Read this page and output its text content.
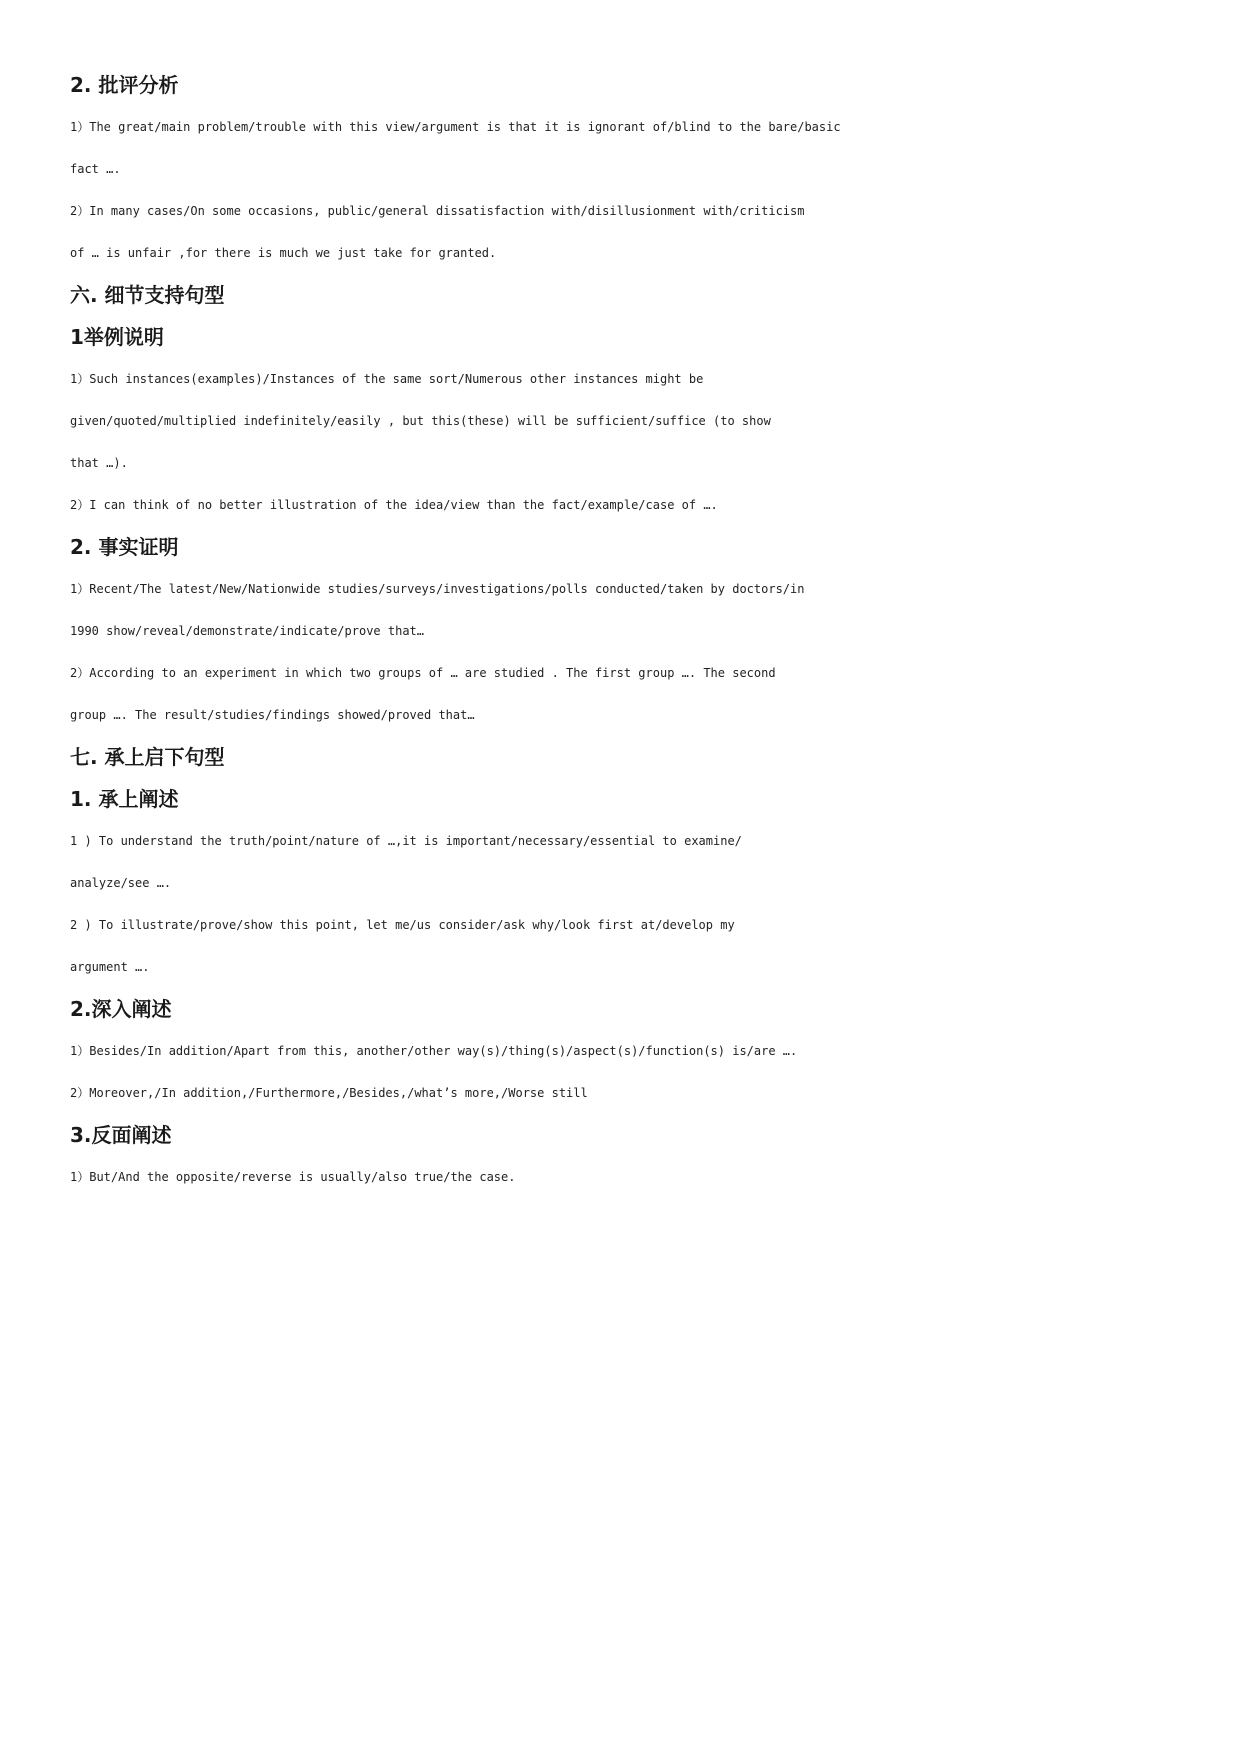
2. 批评分析
1）The great/main problem/trouble with this view/argument is that it is ignorant of/blind to the bare/basic
fact ….
2）In many cases/On some occasions, public/general dissatisfaction with/disillusionment with/criticism
of … is unfair ,for there is much we just take for granted.
六. 细节支持句型
1举例说明
1）Such instances(examples)/Instances of the same sort/Numerous other instances might be
given/quoted/multiplied indefinitely/easily , but this(these) will be sufficient/suffice (to show
that …).
2）I can think of no better illustration of the idea/view than the fact/example/case of ….
2. 事实证明
1）Recent/The latest/New/Nationwide studies/surveys/investigations/polls conducted/taken by doctors/in
1990 show/reveal/demonstrate/indicate/prove that…
2）According to an experiment in which two groups of … are studied . The first group …. The second
group …. The result/studies/findings showed/proved that…
七. 承上启下句型
1. 承上阐述
1 ) To understand the truth/point/nature of …,it is important/necessary/essential to examine/
analyze/see ….
2 ) To illustrate/prove/show this point, let me/us consider/ask why/look first at/develop my
argument ….
2.深入阐述
1）Besides/In addition/Apart from this, another/other way(s)/thing(s)/aspect(s)/function(s) is/are ….
2）Moreover,/In addition,/Furthermore,/Besides,/what’s more,/Worse still
3.反面阐述
1）But/And the opposite/reverse is usually/also true/the case.
